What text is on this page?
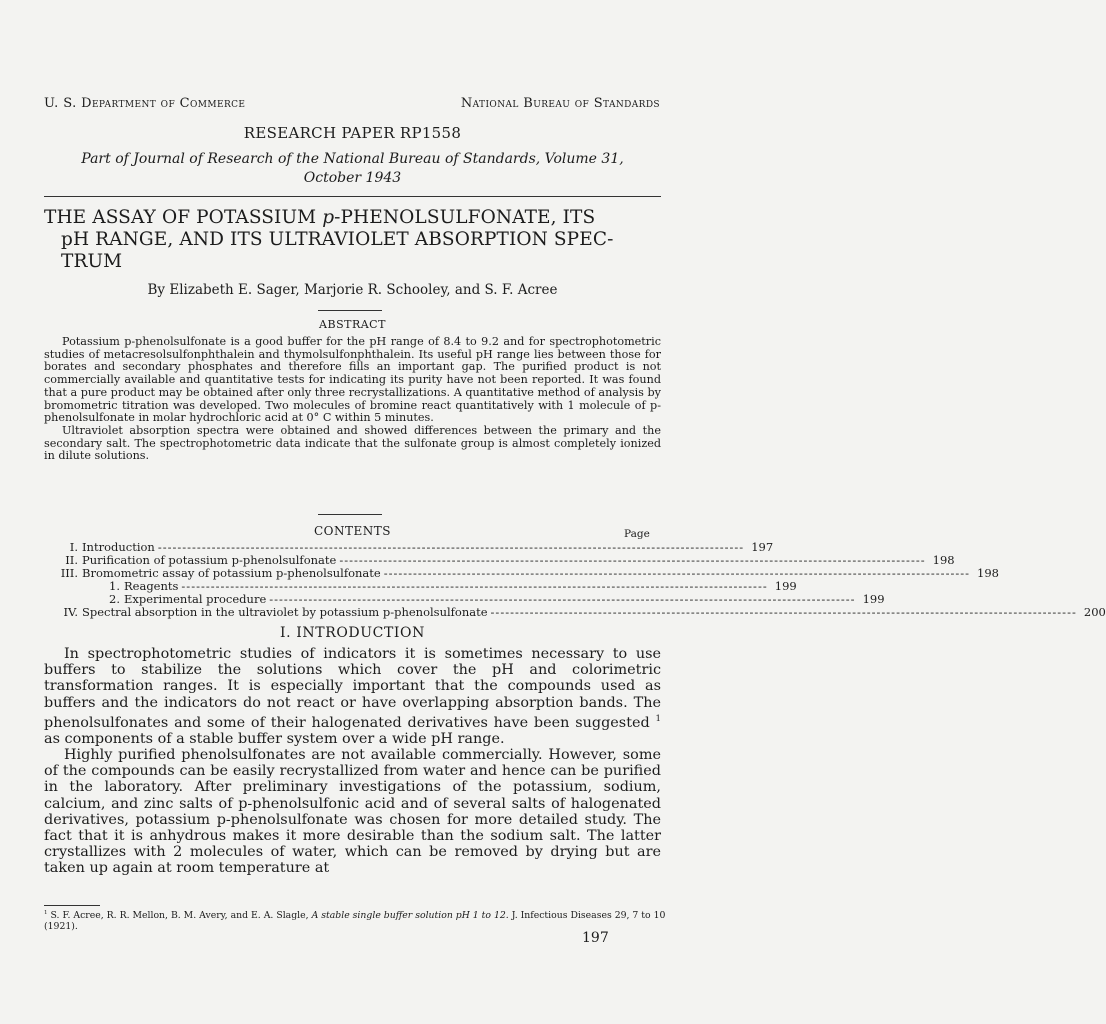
U. S. Department of Commerce	National Bureau of Standards
RESEARCH PAPER RP1558
Part of Journal of Research of the National Bureau of Standards, Volume 31,
October 1943
THE ASSAY OF POTASSIUM p-PHENOLSULFONATE, ITS
pH RANGE, AND ITS ULTRAVIOLET ABSORPTION SPEC-
TRUM
By Elizabeth E. Sager, Marjorie R. Schooley, and S. F. Acree
ABSTRACT

Potassium p-phenolsulfonate is a good buffer for the pH range of 8.4 to 9.2 and for spectrophotometric studies of metacresolsulfonphthalein and thymolsulfonphthalein. Its useful pH range lies between those for borates and secondary phosphates and therefore fills an important gap. The purified product is not commercially available and quantitative tests for indicating its purity have not been reported. It was found that a pure product may be obtained after only three recrystallizations. A quantitative method of analysis by bromometric titration was developed. Two molecules of bromine react quantitatively with 1 molecule of p-phenolsulfonate in molar hydrochloric acid at 0° C within 5 minutes.

Ultraviolet absorption spectra were obtained and showed differences between the primary and the secondary salt. The spectrophotometric data indicate that the sulfonate group is almost completely ionized in dilute solutions.

CONTENTS	Page
I. Introduction ------------------------------------------------------------------------------------------------------------------------ 197
II. Purification of potassium p-phenolsulfonate ------------------------------------------------------------------------------------------------------------------------ 198
III. Bromometric assay of potassium p-phenolsulfonate ------------------------------------------------------------------------------------------------------------------------ 198
1. Reagents ------------------------------------------------------------------------------------------------------------------------ 199
2. Experimental procedure ------------------------------------------------------------------------------------------------------------------------ 199
IV. Spectral absorption in the ultraviolet by potassium p-phenolsulfonate ------------------------------------------------------------------------------------------------------------------------ 200
I. INTRODUCTION

In spectrophotometric studies of indicators it is sometimes necessary to use buffers to stabilize the solutions which cover the pH and colorimetric transformation ranges. It is especially important that the compounds used as buffers and the indicators do not react or have overlapping absorption bands. The phenolsulfonates and some of their halogenated derivatives have been suggested $^1$ as components of a stable buffer system over a wide pH range.

Highly purified phenolsulfonates are not available commercially. However, some of the compounds can be easily recrystallized from water and hence can be purified in the laboratory. After preliminary investigations of the potassium, sodium, calcium, and zinc salts of p-phenolsulfonic acid and of several salts of halogenated derivatives, potassium p-phenolsulfonate was chosen for more detailed study. The fact that it is anhydrous makes it more desirable than the sodium salt. The latter crystallizes with 2 molecules of water, which can be removed by drying but are taken up again at room temperature at

$^1$ S. F. Acree, R. R. Mellon, B. M. Avery, and E. A. Slagle, A stable single buffer solution pH 1 to 12. J. Infectious Diseases 29, 7 to 10 (1921).
197
